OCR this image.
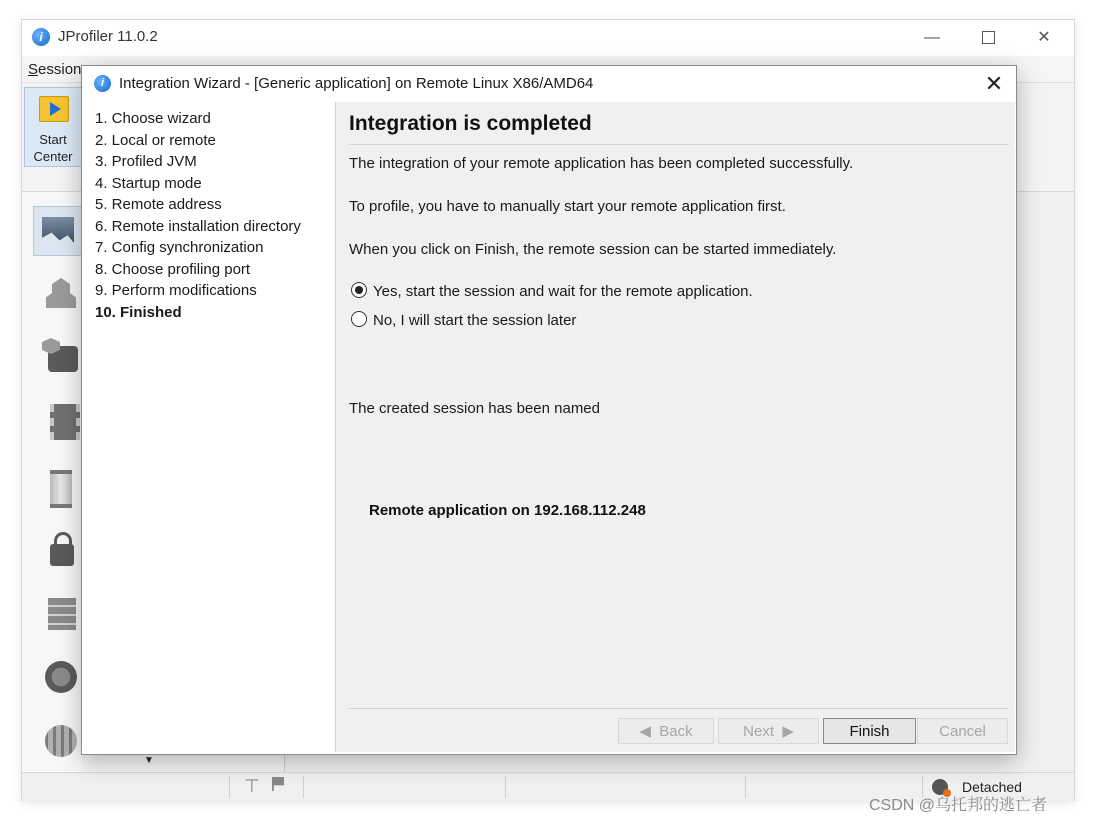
i	JProfiler 11.0.2	—	✕
Session
Start Center
▼
⊤	Detached
i Integration Wizard - [Generic application] on Remote Linux X86/AMD64	✕
1. Choose wizard
2. Local or remote
3. Profiled JVM
4. Startup mode
5. Remote address
6. Remote installation directory
7. Config synchronization
8. Choose profiling port
9. Perform modifications
10. Finished
Integration is completed
The integration of your remote application has been completed successfully.
To profile, you have to manually start your remote application first.
When you click on Finish, the remote session can be started immediately.
Yes, start the session and wait for the remote application.
No, I will start the session later
The created session has been named
Remote application on 192.168.112.248
◀  Back	Next  ▶	Finish	Cancel
CSDN @乌托邦的逃亡者
